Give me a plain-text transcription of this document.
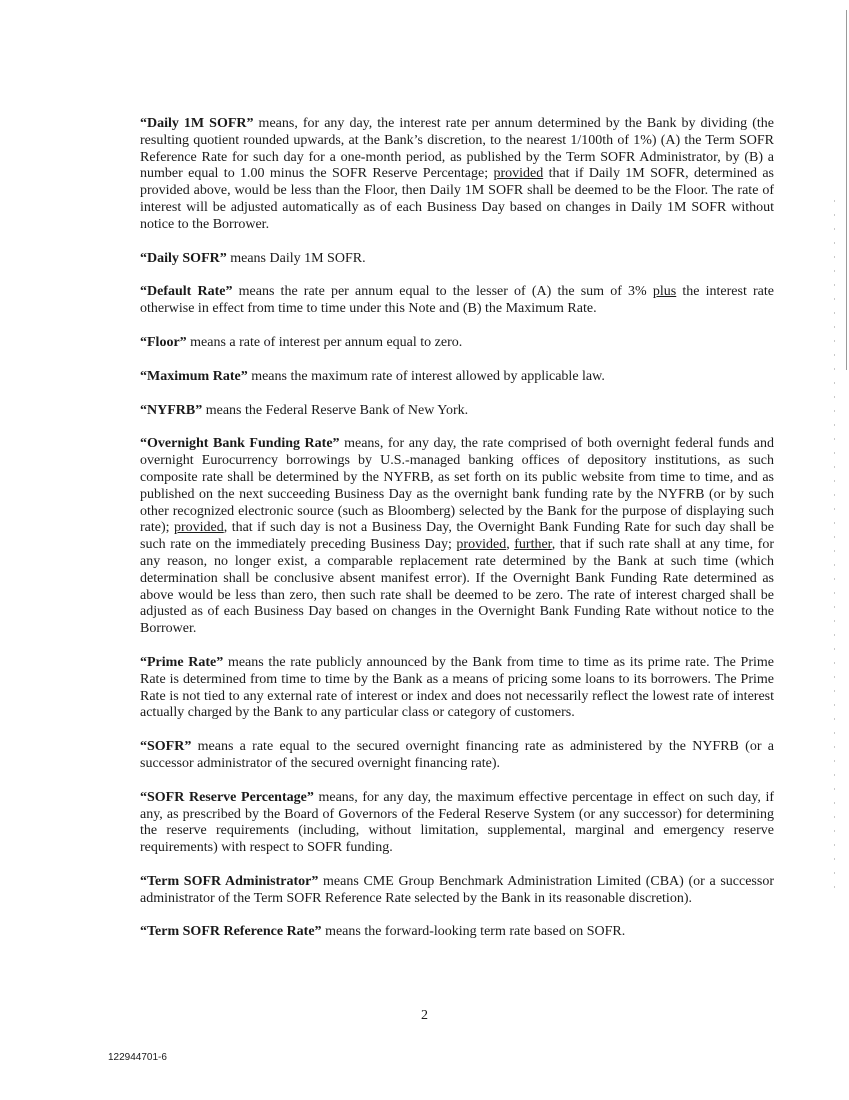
“Daily 1M SOFR” means, for any day, the interest rate per annum determined by the Bank by dividing (the resulting quotient rounded upwards, at the Bank’s discretion, to the nearest 1/100th of 1%) (A) the Term SOFR Reference Rate for such day for a one-month period, as published by the Term SOFR Administrator, by (B) a number equal to 1.00 minus the SOFR Reserve Percentage; provided that if Daily 1M SOFR, determined as provided above, would be less than the Floor, then Daily 1M SOFR shall be deemed to be the Floor. The rate of interest will be adjusted automatically as of each Business Day based on changes in Daily 1M SOFR without notice to the Borrower.

“Daily SOFR” means Daily 1M SOFR.

“Default Rate” means the rate per annum equal to the lesser of (A) the sum of 3% plus the interest rate otherwise in effect from time to time under this Note and (B) the Maximum Rate.

“Floor” means a rate of interest per annum equal to zero.

“Maximum Rate” means the maximum rate of interest allowed by applicable law.

“NYFRB” means the Federal Reserve Bank of New York.

“Overnight Bank Funding Rate” means, for any day, the rate comprised of both overnight federal funds and overnight Eurocurrency borrowings by U.S.-managed banking offices of depository institutions, as such composite rate shall be determined by the NYFRB, as set forth on its public website from time to time, and as published on the next succeeding Business Day as the overnight bank funding rate by the NYFRB (or by such other recognized electronic source (such as Bloomberg) selected by the Bank for the purpose of displaying such rate); provided, that if such day is not a Business Day, the Overnight Bank Funding Rate for such day shall be such rate on the immediately preceding Business Day; provided, further, that if such rate shall at any time, for any reason, no longer exist, a comparable replacement rate determined by the Bank at such time (which determination shall be conclusive absent manifest error). If the Overnight Bank Funding Rate determined as above would be less than zero, then such rate shall be deemed to be zero. The rate of interest charged shall be adjusted as of each Business Day based on changes in the Overnight Bank Funding Rate without notice to the Borrower.

“Prime Rate” means the rate publicly announced by the Bank from time to time as its prime rate. The Prime Rate is determined from time to time by the Bank as a means of pricing some loans to its borrowers. The Prime Rate is not tied to any external rate of interest or index and does not necessarily reflect the lowest rate of interest actually charged by the Bank to any particular class or category of customers.

“SOFR” means a rate equal to the secured overnight financing rate as administered by the NYFRB (or a successor administrator of the secured overnight financing rate).

“SOFR Reserve Percentage” means, for any day, the maximum effective percentage in effect on such day, if any, as prescribed by the Board of Governors of the Federal Reserve System (or any successor) for determining the reserve requirements (including, without limitation, supplemental, marginal and emergency reserve requirements) with respect to SOFR funding.

“Term SOFR Administrator” means CME Group Benchmark Administration Limited (CBA) (or a successor administrator of the Term SOFR Reference Rate selected by the Bank in its reasonable discretion).

“Term SOFR Reference Rate” means the forward-looking term rate based on SOFR.

2
122944701-6
